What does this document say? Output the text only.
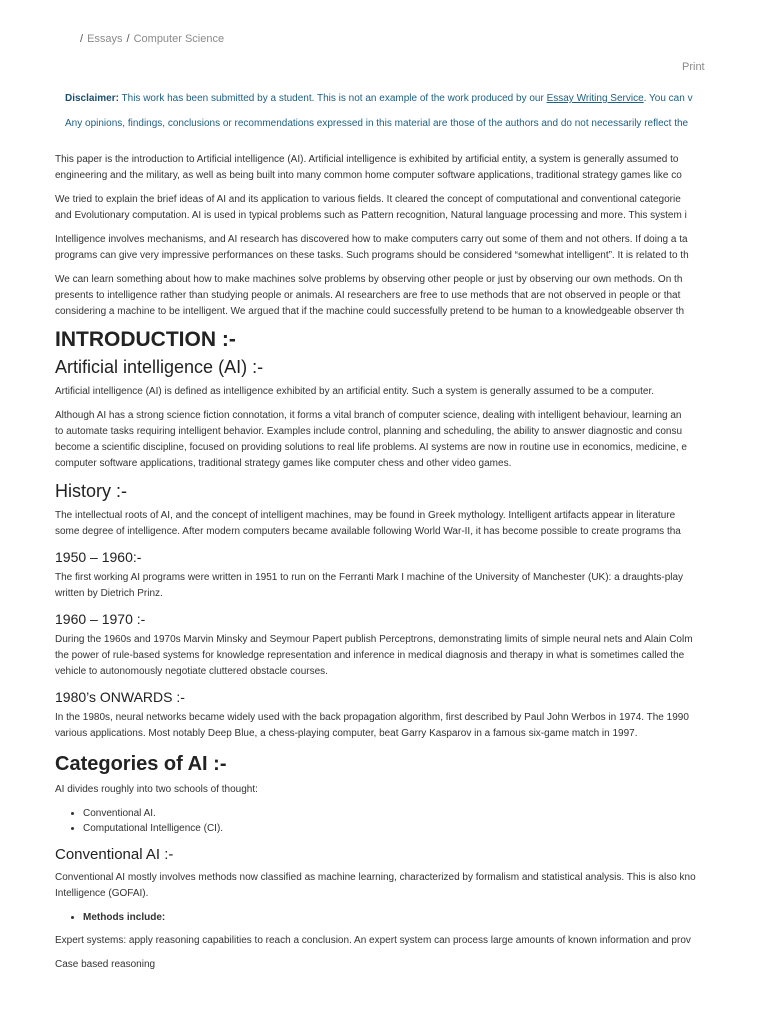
/ Essays / Computer Science
Print

Disclaimer: This work has been submitted by a student. This is not an example of the work produced by our Essay Writing Service. You can v

Any opinions, findings, conclusions or recommendations expressed in this material are those of the authors and do not necessarily reflect the

This paper is the introduction to Artificial intelligence (AI). Artificial intelligence is exhibited by artificial entity, a system is generally assumed to
engineering and the military, as well as being built into many common home computer software applications, traditional strategy games like co

We tried to explain the brief ideas of AI and its application to various fields. It cleared the concept of computational and conventional categorie
and Evolutionary computation. AI is used in typical problems such as Pattern recognition, Natural language processing and more. This system i

Intelligence involves mechanisms, and AI research has discovered how to make computers carry out some of them and not others. If doing a ta
programs can give very impressive performances on these tasks. Such programs should be considered “somewhat intelligent”. It is related to th

We can learn something about how to make machines solve problems by observing other people or just by observing our own methods. On th
presents to intelligence rather than studying people or animals. AI researchers are free to use methods that are not observed in people or that
considering a machine to be intelligent. We argued that if the machine could successfully pretend to be human to a knowledgeable observer th

INTRODUCTION :-
Artificial intelligence (AI) :-

Artificial intelligence (AI) is defined as intelligence exhibited by an artificial entity. Such a system is generally assumed to be a computer.

Although AI has a strong science fiction connotation, it forms a vital branch of computer science, dealing with intelligent behaviour, learning an
to automate tasks requiring intelligent behavior. Examples include control, planning and scheduling, the ability to answer diagnostic and consu
become a scientific discipline, focused on providing solutions to real life problems. AI systems are now in routine use in economics, medicine, e
computer software applications, traditional strategy games like computer chess and other video games.

History :-

The intellectual roots of AI, and the concept of intelligent machines, may be found in Greek mythology. Intelligent artifacts appear in literature
some degree of intelligence. After modern computers became available following World War-II, it has become possible to create programs tha

1950 – 1960:-

The first working AI programs were written in 1951 to run on the Ferranti Mark I machine of the University of Manchester (UK): a draughts-play
written by Dietrich Prinz.

1960 – 1970 :-

During the 1960s and 1970s Marvin Minsky and Seymour Papert publish Perceptrons, demonstrating limits of simple neural nets and Alain Colm
the power of rule-based systems for knowledge representation and inference in medical diagnosis and therapy in what is sometimes called the
vehicle to autonomously negotiate cluttered obstacle courses.

1980’s ONWARDS :-

In the 1980s, neural networks became widely used with the back propagation algorithm, first described by Paul John Werbos in 1974. The 1990
various applications. Most notably Deep Blue, a chess-playing computer, beat Garry Kasparov in a famous six-game match in 1997.

Categories of AI :-

AI divides roughly into two schools of thought:

• Conventional AI.
• Computational Intelligence (CI).
Conventional AI :-

Conventional AI mostly involves methods now classified as machine learning, characterized by formalism and statistical analysis. This is also kno
Intelligence (GOFAI).

• Methods include:

Expert systems: apply reasoning capabilities to reach a conclusion. An expert system can process large amounts of known information and prov

Case based reasoning
